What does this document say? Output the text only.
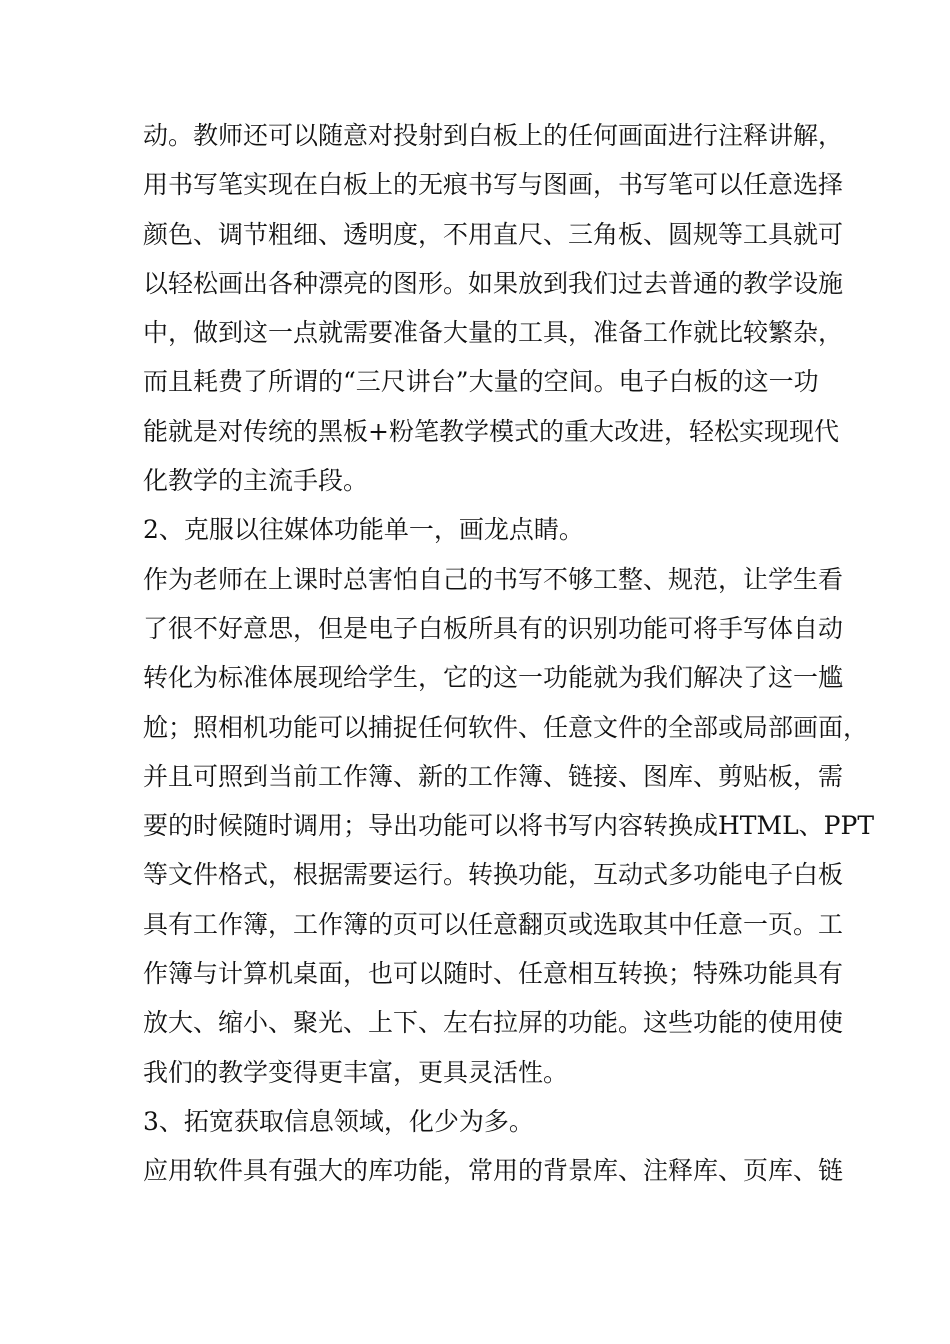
动。教师还可以随意对投射到白板上的任何画面进行注释讲解，
用书写笔实现在白板上的无痕书写与图画，书写笔可以任意选择
颜色、调节粗细、透明度，不用直尺、三角板、圆规等工具就可
以轻松画出各种漂亮的图形。如果放到我们过去普通的教学设施
中，做到这一点就需要准备大量的工具，准备工作就比较繁杂，
而且耗费了所谓的“三尺讲台”大量的空间。电子白板的这一功
能就是对传统的黑板+粉笔教学模式的重大改进，轻松实现现代
化教学的主流手段。
2、克服以往媒体功能单一，画龙点睛。
作为老师在上课时总害怕自己的书写不够工整、规范，让学生看
了很不好意思，但是电子白板所具有的识别功能可将手写体自动
转化为标准体展现给学生，它的这一功能就为我们解决了这一尴
尬；照相机功能可以捕捉任何软件、任意文件的全部或局部画面，
并且可照到当前工作簿、新的工作簿、链接、图库、剪贴板，需
要的时候随时调用；导出功能可以将书写内容转换成HTML、PPT
等文件格式，根据需要运行。转换功能，互动式多功能电子白板
具有工作簿，工作簿的页可以任意翻页或选取其中任意一页。工
作簿与计算机桌面，也可以随时、任意相互转换；特殊功能具有
放大、缩小、聚光、上下、左右拉屏的功能。这些功能的使用使
我们的教学变得更丰富，更具灵活性。
3、拓宽获取信息领域，化少为多。
应用软件具有强大的库功能，常用的背景库、注释库、页库、链
